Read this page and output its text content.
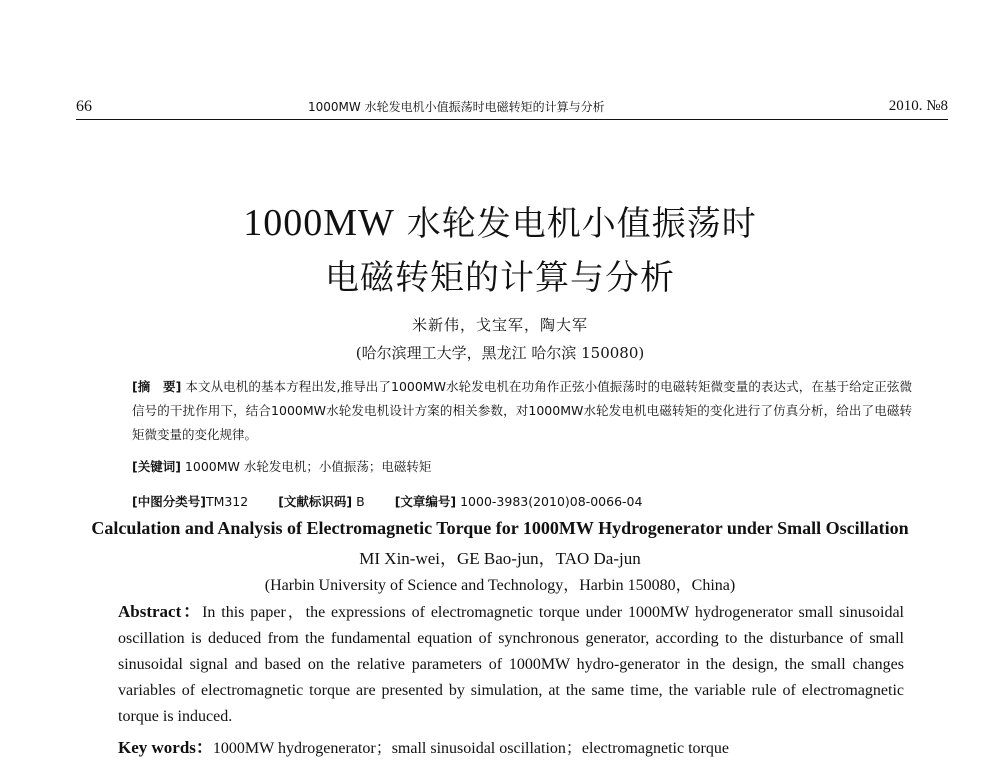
66	1000MW 水轮发电机小值振荡时电磁转矩的计算与分析	2010. №8
1000MW 水轮发电机小值振荡时
电磁转矩的计算与分析
米新伟，戈宝军，陶大军
(哈尔滨理工大学，黑龙江 哈尔滨 150080)
[摘　要] 本文从电机的基本方程出发,推导出了1000MW水轮发电机在功角作正弦小值振荡时的电磁转矩微变量的表达式，在基于给定正弦微信号的干扰作用下，结合1000MW水轮发电机设计方案的相关参数，对1000MW水轮发电机电磁转矩的变化进行了仿真分析，给出了电磁转矩微变量的变化规律。
[关键词] 1000MW 水轮发电机；小值振荡；电磁转矩
[中图分类号]TM312 [文献标识码] B [文章编号] 1000-3983(2010)08-0066-04
Calculation and Analysis of Electromagnetic Torque for 1000MW Hydrogenerator under Small Oscillation
MI Xin-wei，GE Bao-jun，TAO Da-jun
(Harbin University of Science and Technology，Harbin 150080，China)
Abstract：In this paper，the expressions of electromagnetic torque under 1000MW hydrogenerator small sinusoidal oscillation is deduced from the fundamental equation of synchronous generator, according to the disturbance of small sinusoidal signal and based on the relative parameters of 1000MW hydro-generator in the design, the small changes variables of electromagnetic torque are presented by simulation, at the same time, the variable rule of electromagnetic torque is induced.
Key words：1000MW hydrogenerator；small sinusoidal oscillation；electromagnetic torque
